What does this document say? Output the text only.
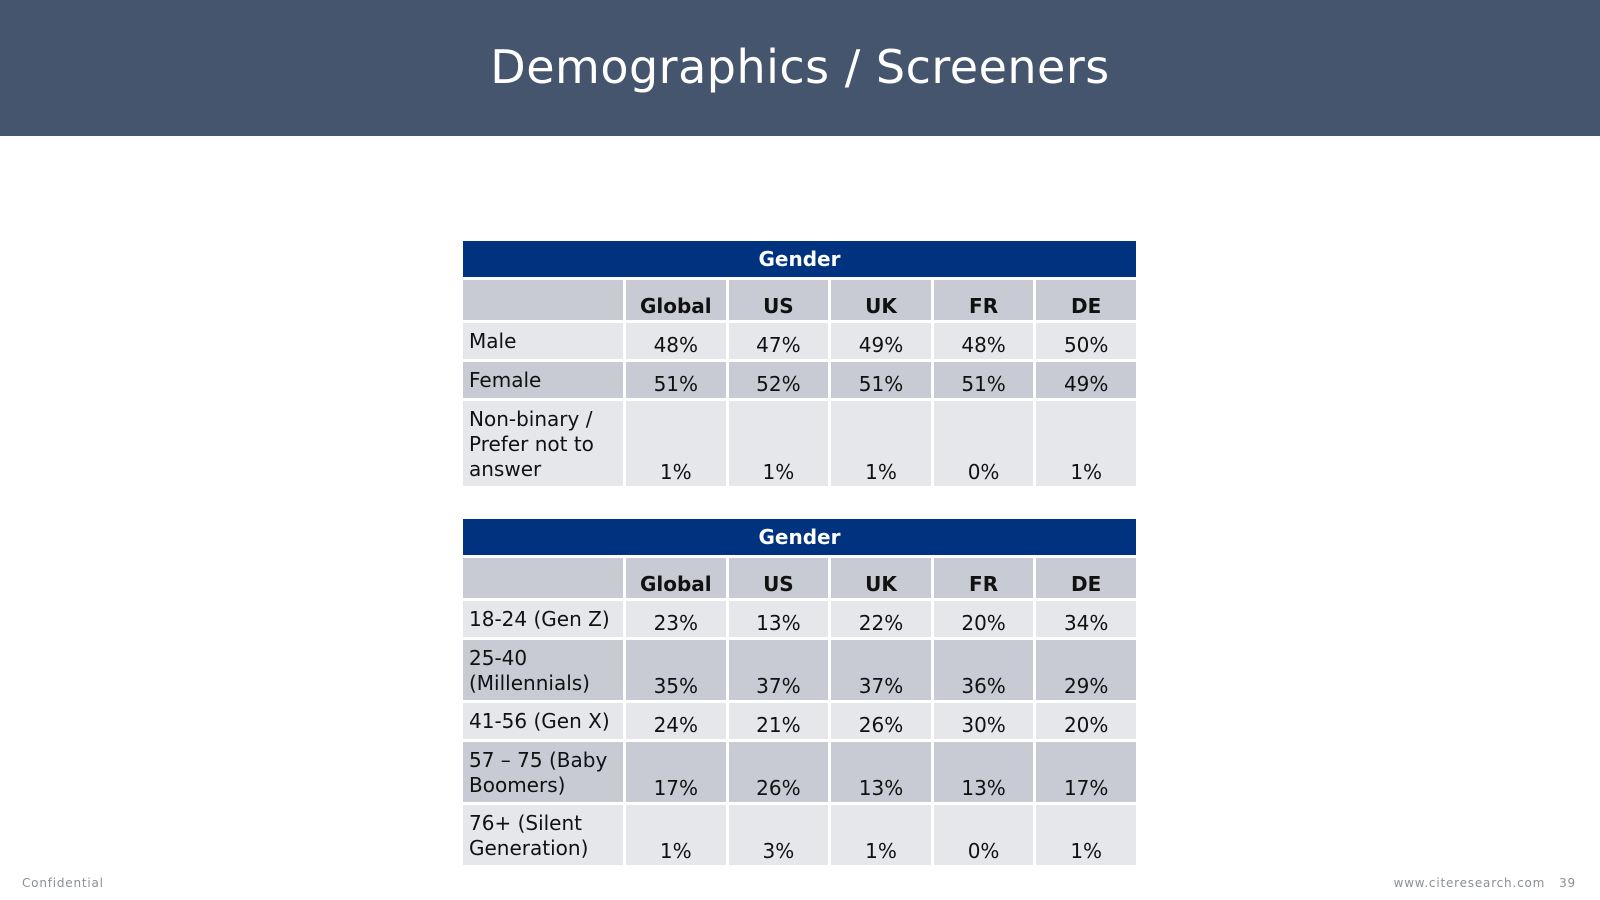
Demographics / Screeners
Gender					
	Global	US	UK	FR	DE
Male	48%	47%	49%	48%	50%
Female	51%	52%	51%	51%	49%
Non-binary / Prefer not to answer	1%	1%	1%	0%	1%
Gender					
	Global	US	UK	FR	DE
18-24 (Gen Z)	23%	13%	22%	20%	34%
25-40 (Millennials)	35%	37%	37%	36%	29%
41-56 (Gen X)	24%	21%	26%	30%	20%
57 – 75 (Baby Boomers)	17%	26%	13%	13%	17%
76+ (Silent Generation)	1%	3%	1%	0%	1%
Confidential	www.citeresearch.com 39
